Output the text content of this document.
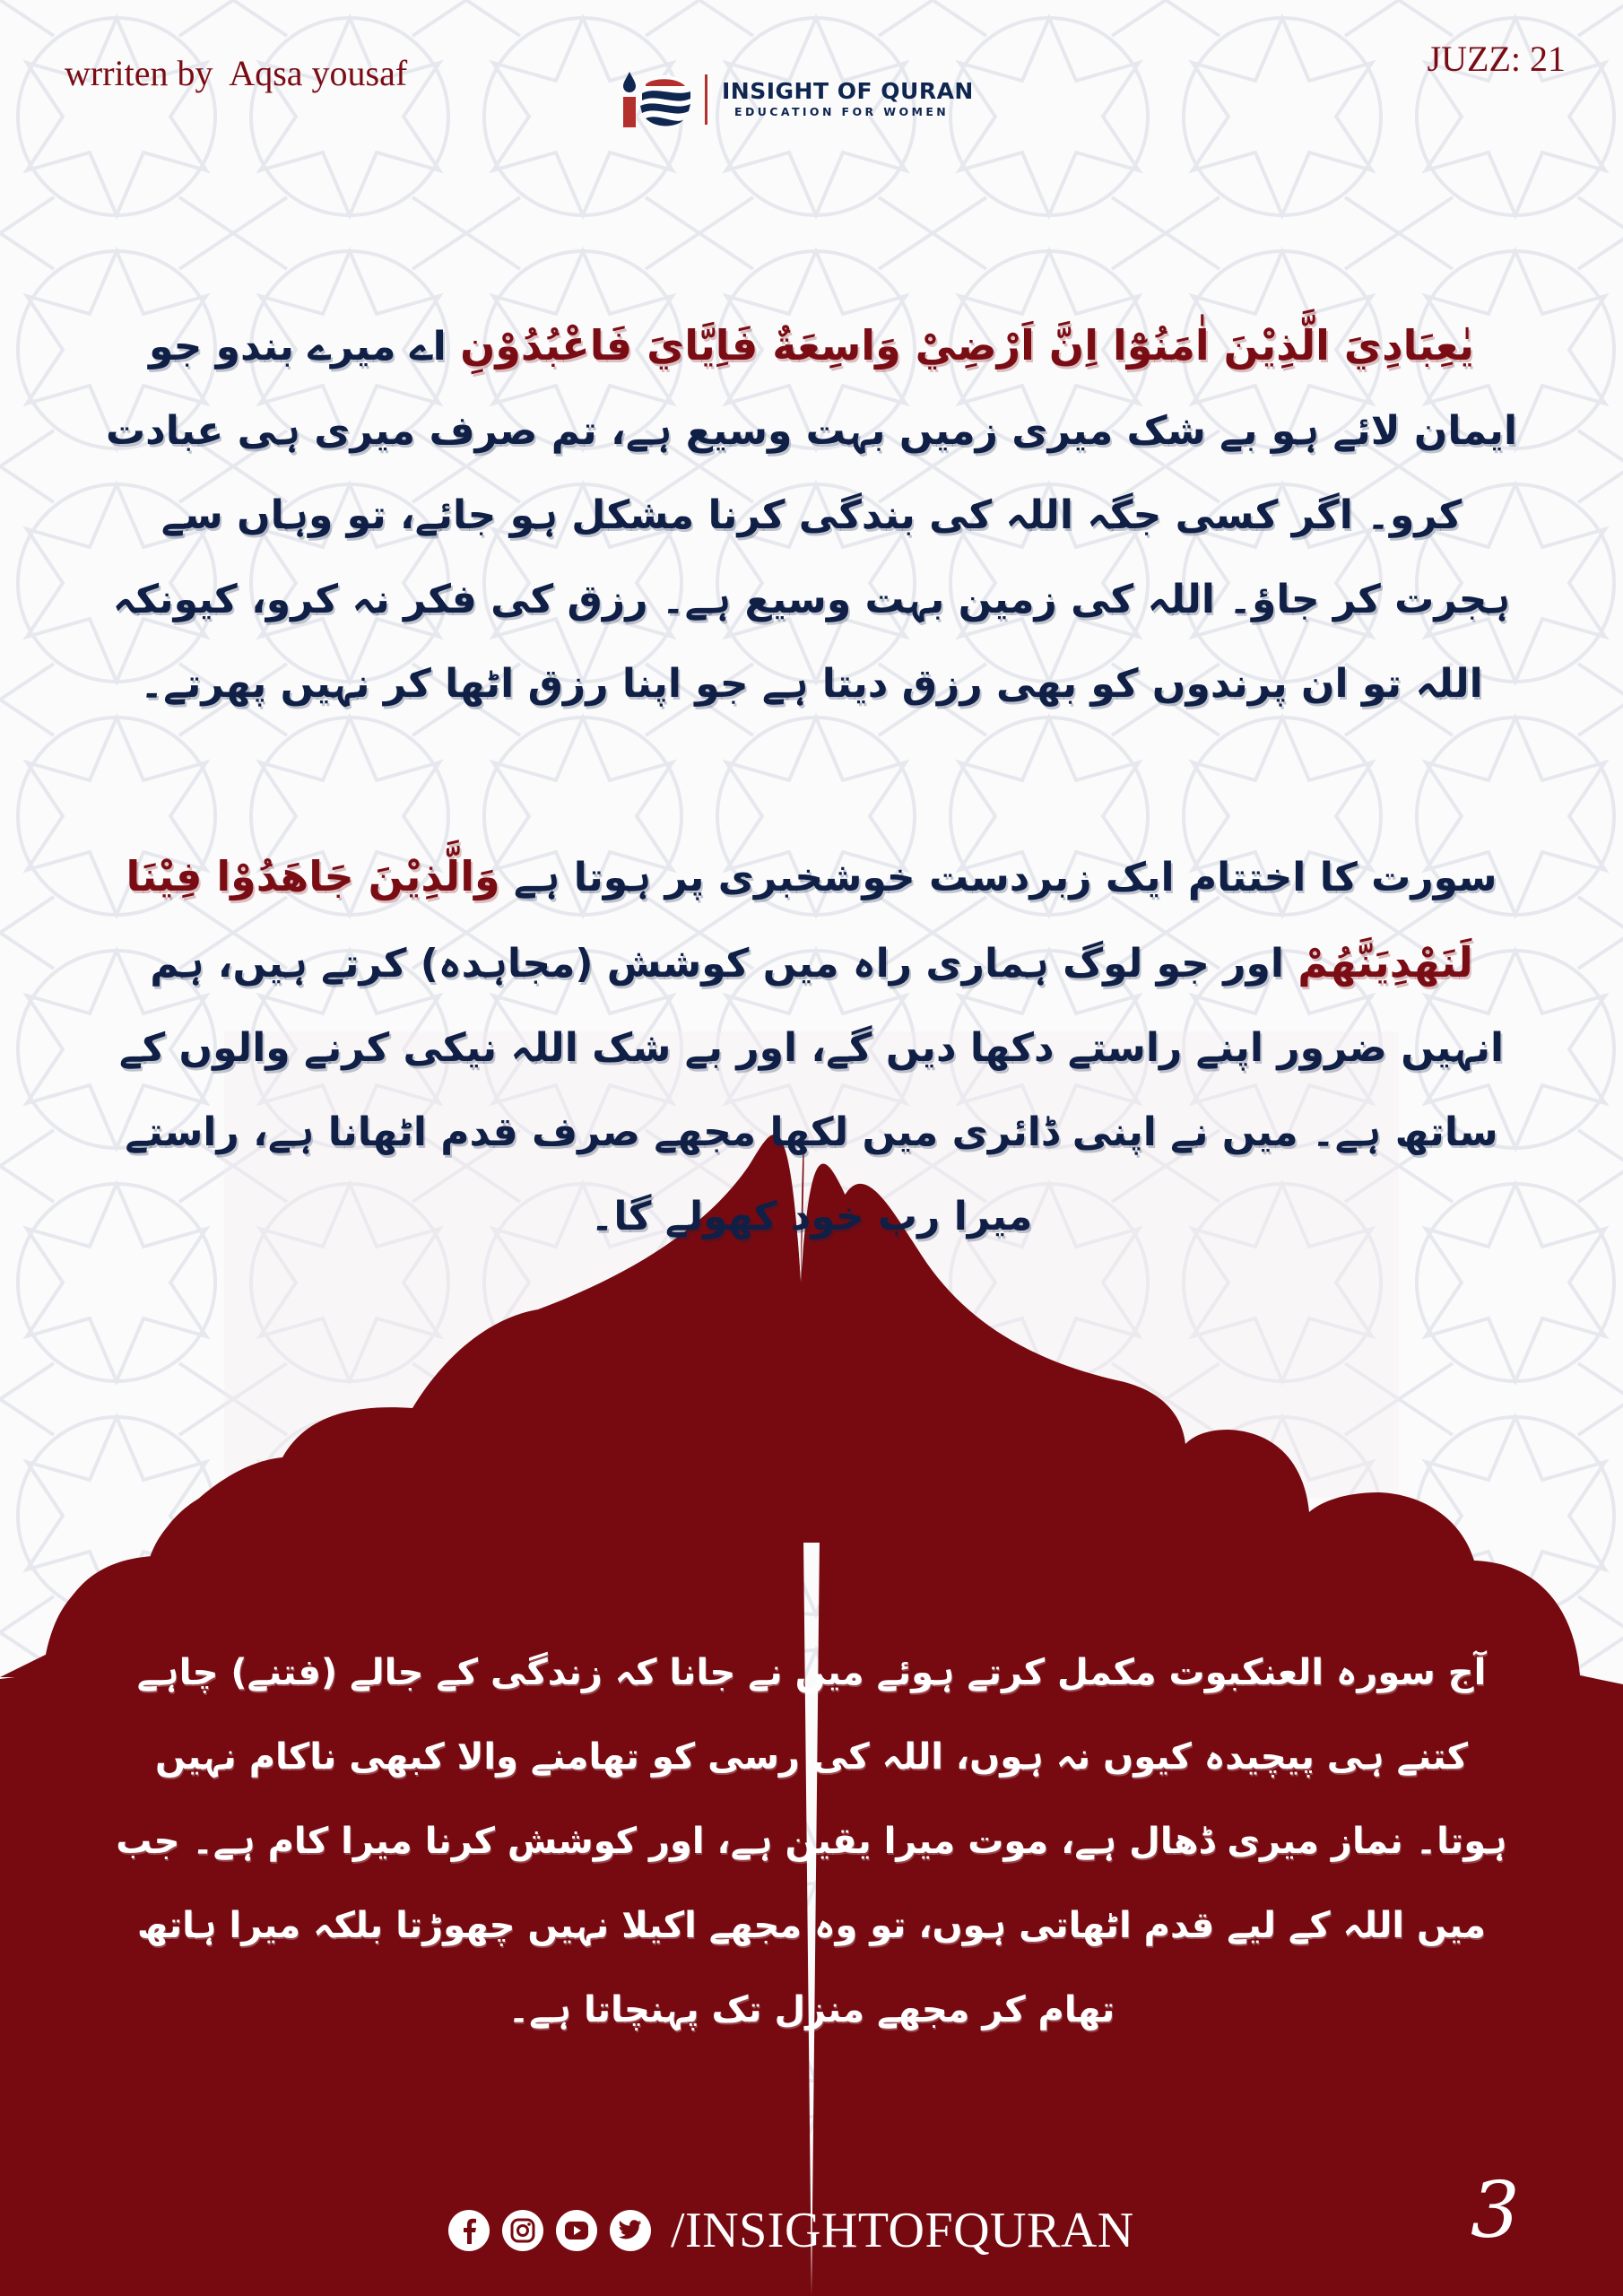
wrriten by  Aqsa yousaf	INSIGHT OF QURAN
EDUCATION FOR WOMEN
JUZZ: 21
يٰعِبَادِيَ الَّذِيْنَ اٰمَنُوْٓا اِنَّ اَرْضِيْ وَاسِعَةٌ فَاِيَّايَ فَاعْبُدُوْنِ اے میرے بندو جو ایمان لائے ہو بے شک میری زمیں بہت وسیع ہے، تم صرف میری ہی عبادت کرو۔ اگر کسی جگہ اللہ کی بندگی کرنا مشکل ہو جائے، تو وہاں سے ہجرت کر جاؤ۔ اللہ کی زمین بہت وسیع ہے۔ رزق کی فکر نہ کرو، کیونکہ اللہ تو ان پرندوں کو بھی رزق دیتا ہے جو اپنا رزق اٹھا کر نہیں پھرتے۔
سورت کا اختتام ایک زبردست خوشخبری پر ہوتا ہے وَالَّذِيْنَ جَاهَدُوْا فِيْنَا لَنَهْدِيَنَّهُمْ اور جو لوگ ہماری راہ میں کوشش (مجاہدہ) کرتے ہیں، ہم انہیں ضرور اپنے راستے دکھا دیں گے، اور بے شک اللہ نیکی کرنے والوں کے ساتھ ہے۔ میں نے اپنی ڈائری میں لکھا مجھے صرف قدم اٹھانا ہے، راستے میرا رب خود کھولے گا۔
آج سورہ العنکبوت مکمل کرتے ہوئے میں نے جانا کہ زندگی کے جالے (فتنے) چاہے کتنے ہی پیچیدہ کیوں نہ ہوں، اللہ کی رسی کو تھامنے والا کبھی ناکام نہیں ہوتا۔ نماز میری ڈھال ہے، موت میرا یقین ہے، اور کوشش کرنا میرا کام ہے۔ جب میں اللہ کے لیے قدم اٹھاتی ہوں، تو وہ مجھے اکیلا نہیں چھوڑتا بلکہ میرا ہاتھ تھام کر مجھے منزل تک پہنچاتا ہے۔
/INSIGHTOFQURAN	3
